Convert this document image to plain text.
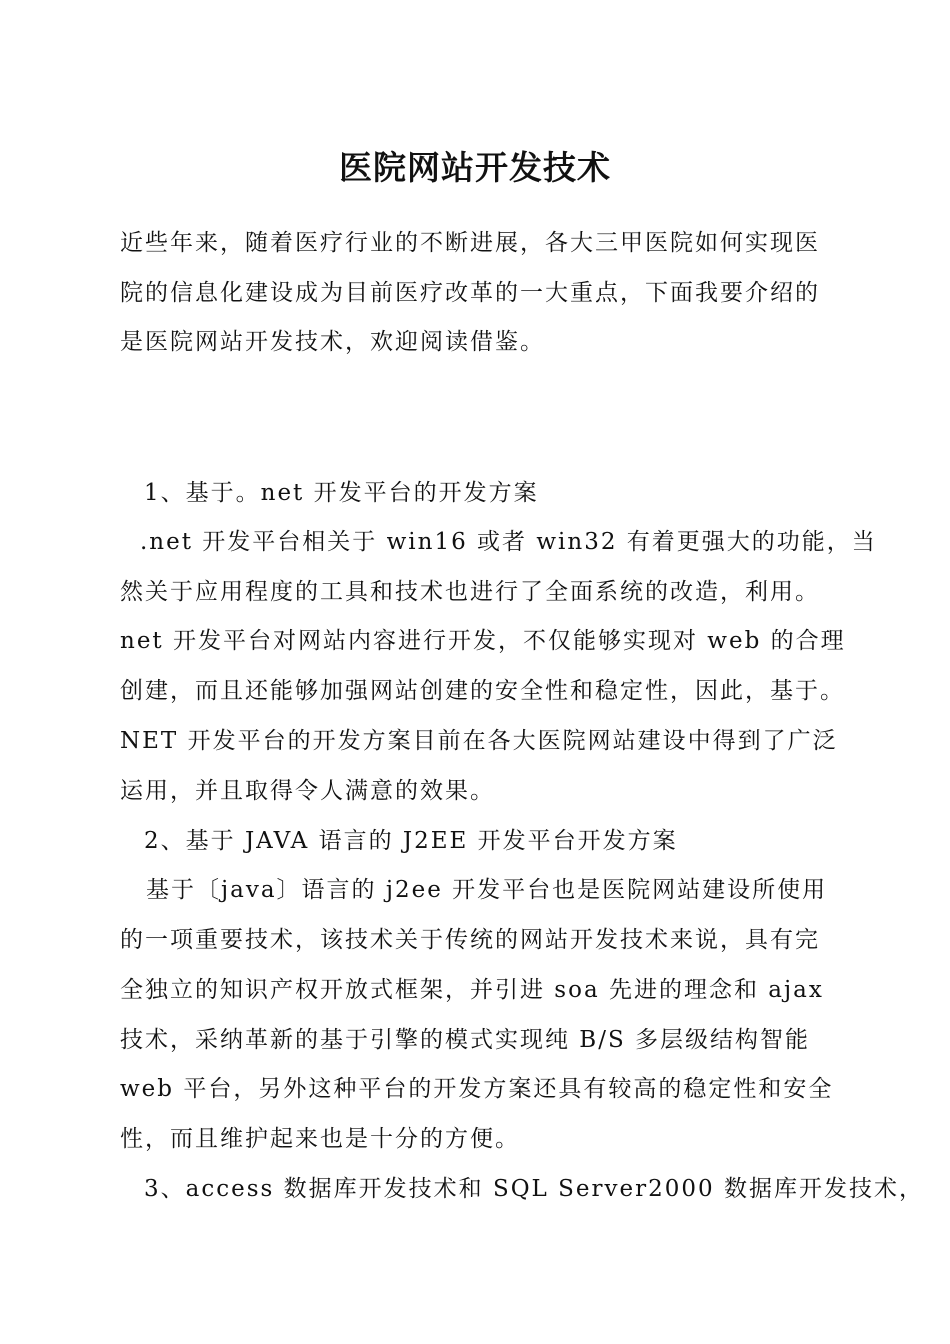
医院网站开发技术
近些年来，随着医疗行业的不断进展，各大三甲医院如何实现医
院的信息化建设成为目前医疗改革的一大重点，下面我要介绍的
是医院网站开发技术，欢迎阅读借鉴。
1、基于。net 开发平台的开发方案
.net 开发平台相关于 win16 或者 win32 有着更强大的功能，当
然关于应用程度的工具和技术也进行了全面系统的改造，利用。
net 开发平台对网站内容进行开发，不仅能够实现对 web 的合理
创建，而且还能够加强网站创建的安全性和稳定性，因此，基于。
NET 开发平台的开发方案目前在各大医院网站建设中得到了广泛
运用，并且取得令人满意的效果。
2、基于 JAVA 语言的 J2EE 开发平台开发方案
基于〔java〕语言的 j2ee 开发平台也是医院网站建设所使用
的一项重要技术，该技术关于传统的网站开发技术来说，具有完
全独立的知识产权开放式框架，并引进 soa 先进的理念和 ajax
技术，采纳革新的基于引擎的模式实现纯 B/S 多层级结构智能
web 平台，另外这种平台的开发方案还具有较高的稳定性和安全
性，而且维护起来也是十分的方便。
3、access 数据库开发技术和 SQL Server2000 数据库开发技术，
